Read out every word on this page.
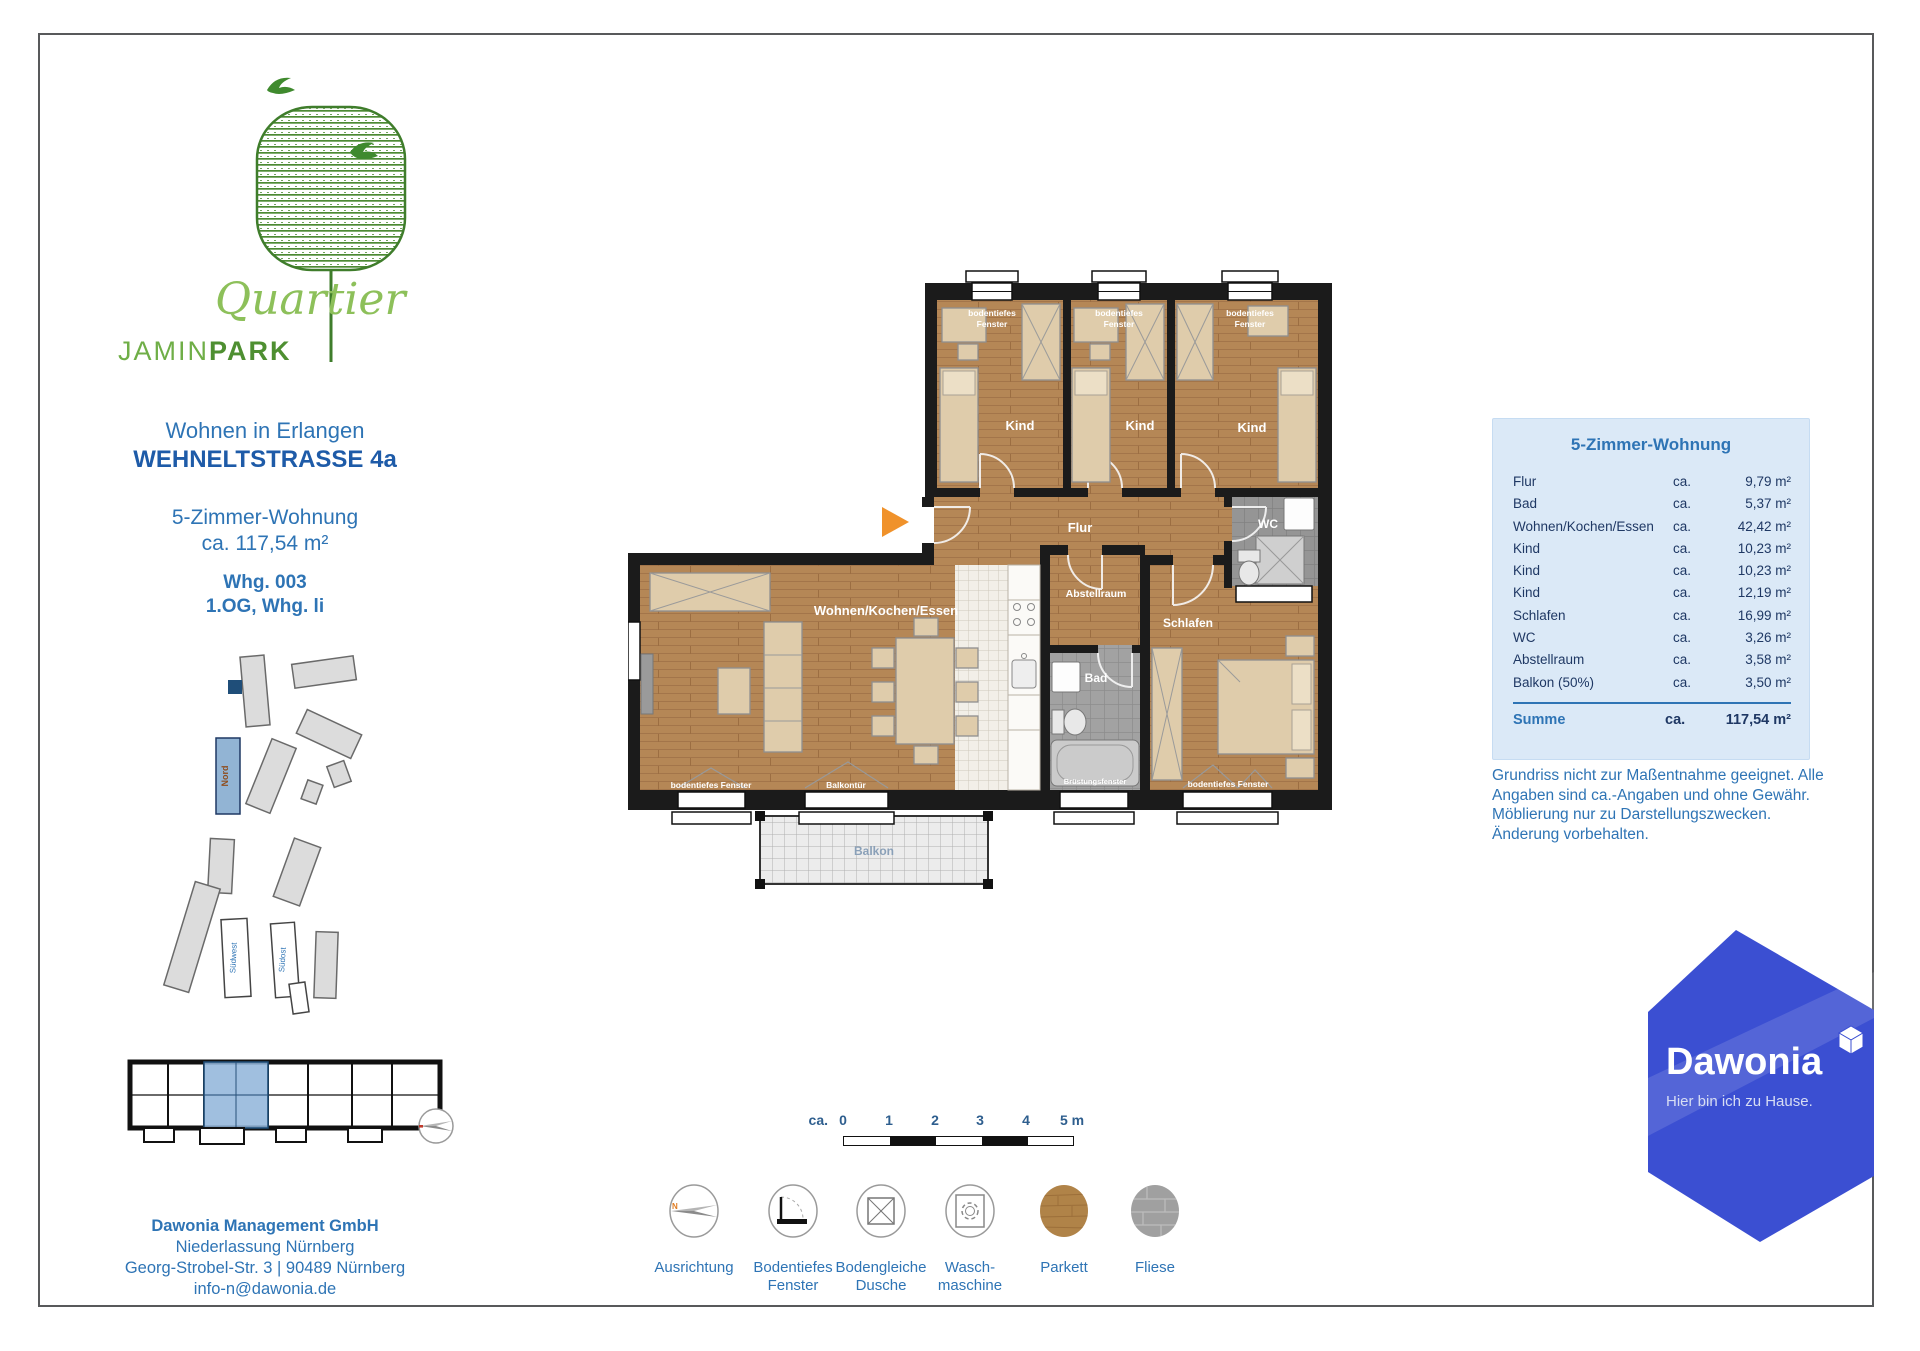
Quartier
JAMINPARK
Wohnen in Erlangen
WEHNELTSTRASSE 4a
5-Zimmer-Wohnung
ca. 117,54 m²
Whg. 003
1.OG, Whg. li
Nord
Südwest	Südost
Dawonia Management GmbH
Niederlassung Nürnberg
Georg-Strobel-Str. 3 | 90489 Nürnberg
info-n@dawonia.de
Kind	Kind	Kind
Flur	WC
Abstellraum
Bad
Schlafen
Wohnen/Kochen/Essen
bodentiefes
Fenster
bodentiefes
Fenster
bodentiefes
Fenster
bodentiefes Fenster	Balkontür	Brüstungsfenster	bodentiefes Fenster
Balkon
5-Zimmer-Wohnung
Flur	ca.	9,79 m²
Bad	ca.	5,37 m²
Wohnen/Kochen/Essen	ca.	42,42 m²
Kind	ca.	10,23 m²
Kind	ca.	10,23 m²
Kind	ca.	12,19 m²
Schlafen	ca.	16,99 m²
WC	ca.	3,26 m²
Abstellraum	ca.	3,58 m²
Balkon (50%)	ca.	3,50 m²
Summe	ca.	117,54 m²
Grundriss nicht zur Maßentnahme geeignet. Alle
Angaben sind ca.-Angaben und ohne Gewähr.
Möblierung nur zu Darstellungszwecken.
Änderung vorbehalten.
Dawonia
Hier bin ich zu Hause.
ca. 0	1	2	3	4	5 m
N
Ausrichtung	Bodentiefes
Fenster
Bodengleiche
Dusche
Wasch-
maschine
Parkett	Fliese
